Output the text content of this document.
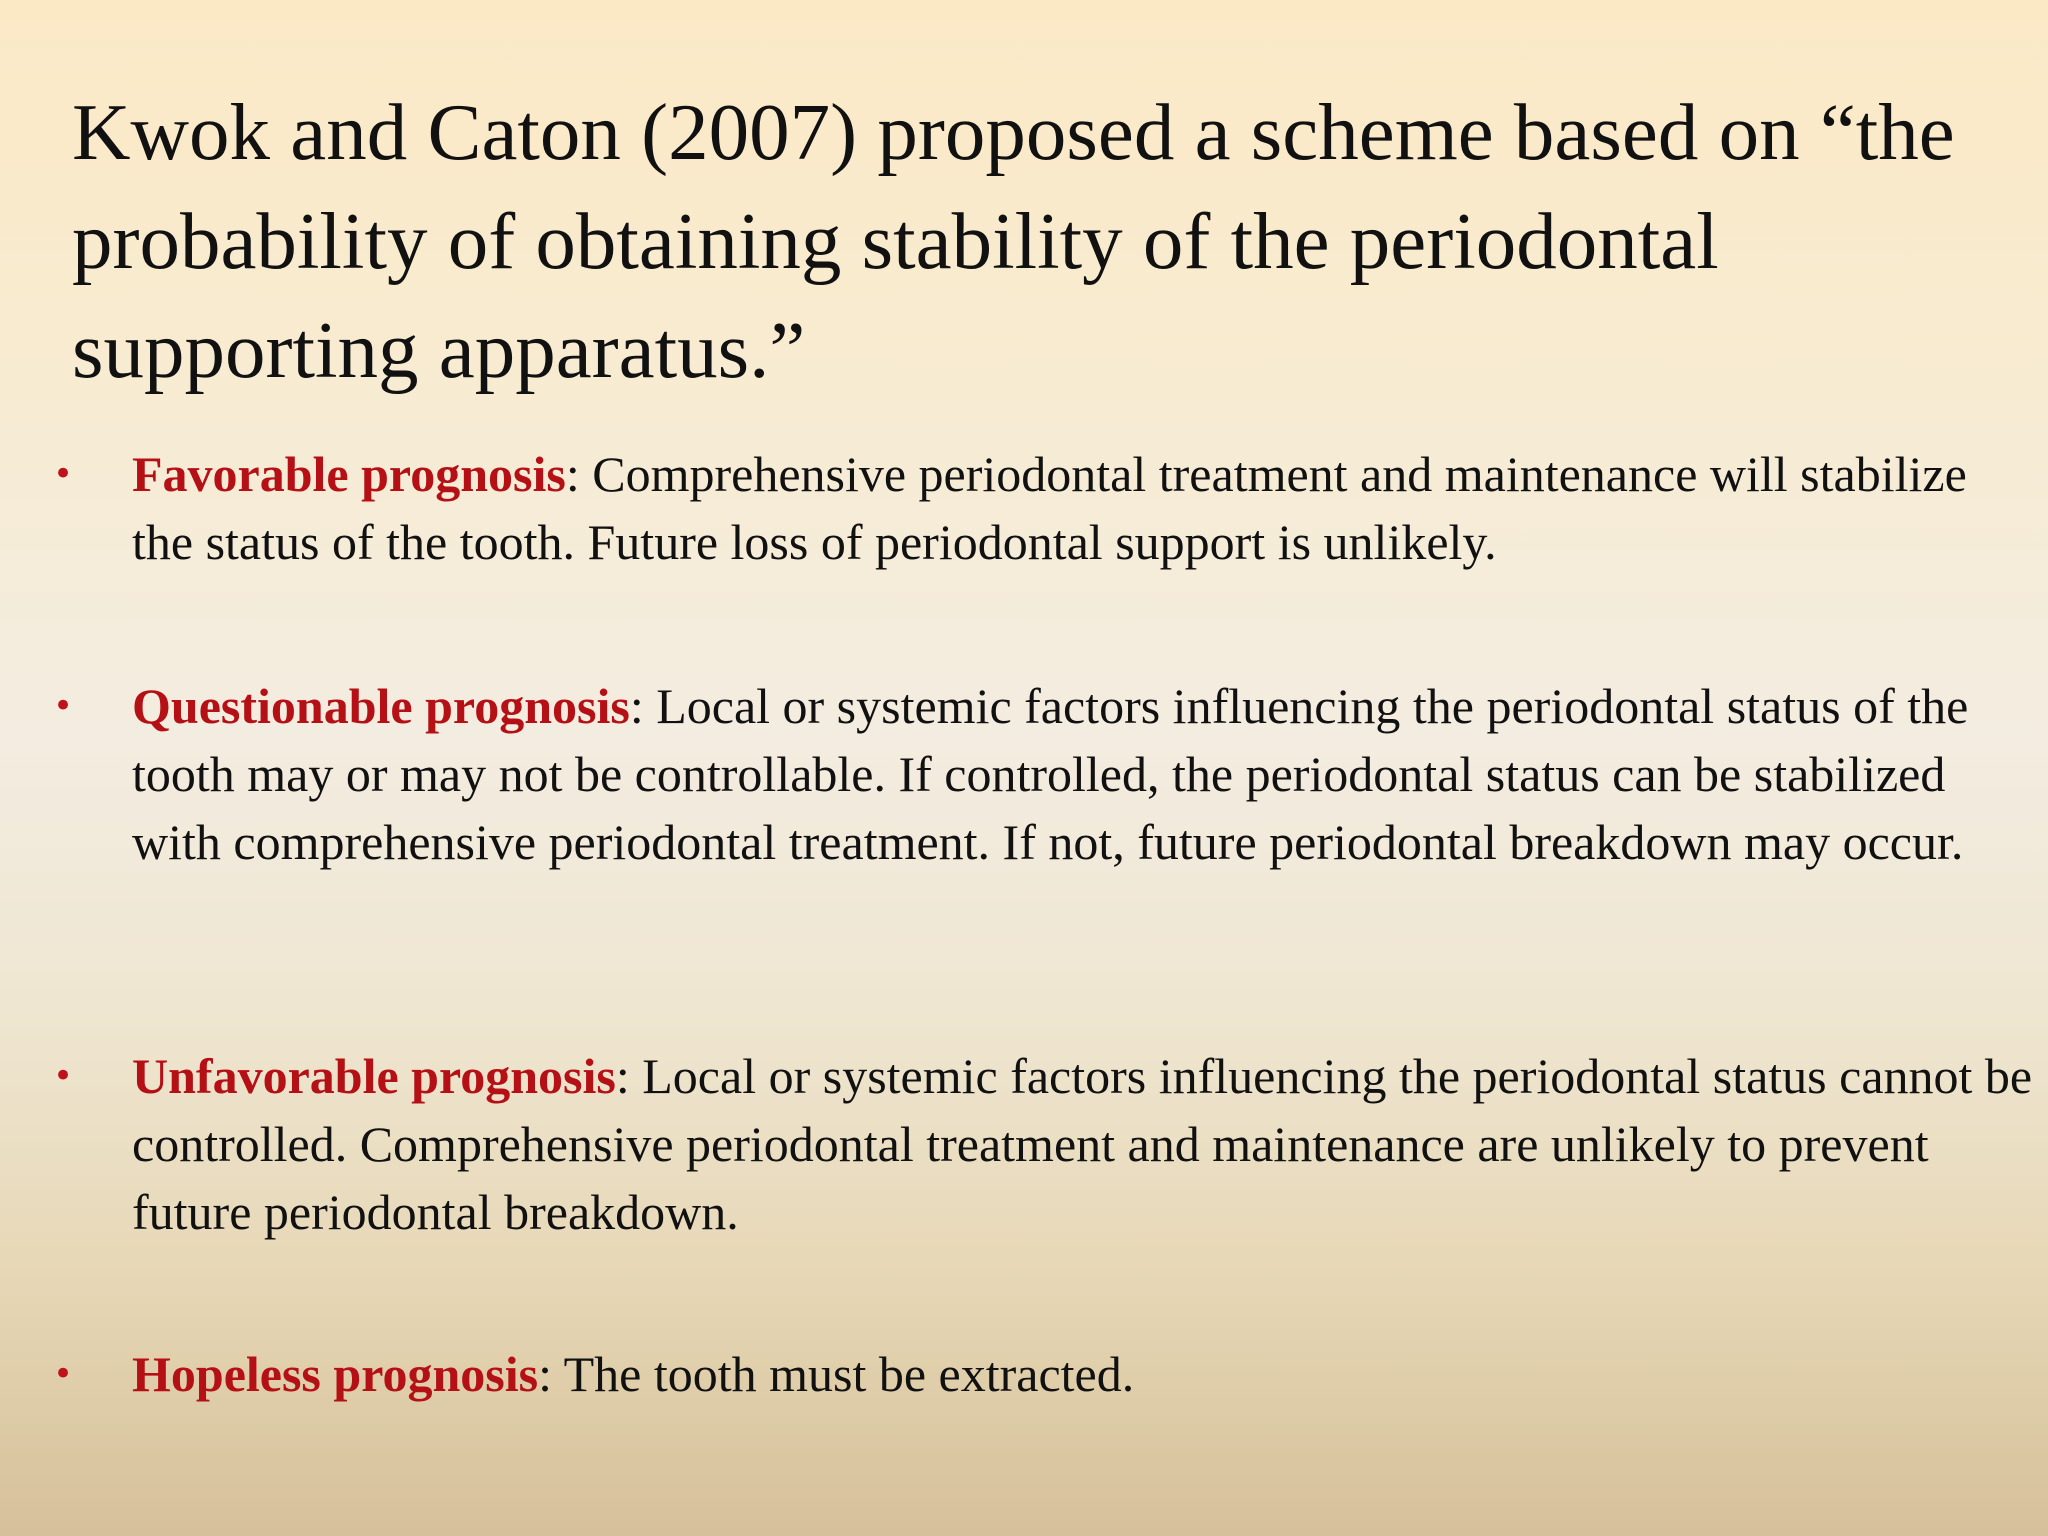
Kwok and Caton (2007) proposed a scheme based on “the probability of obtaining stability of the periodontal supporting apparatus.”
• Favorable prognosis: Comprehensive periodontal treatment and maintenance will stabilize the status of the tooth. Future loss of periodontal support is unlikely.
• Questionable prognosis: Local or systemic factors influencing the periodontal status of the tooth may or may not be controllable. If controlled, the periodontal status can be stabilized with comprehensive periodontal treatment. If not, future periodontal breakdown may occur.
• Unfavorable prognosis: Local or systemic factors influencing the periodontal status cannot be controlled. Comprehensive periodontal treatment and maintenance are unlikely to prevent future periodontal breakdown.
• Hopeless prognosis: The tooth must be extracted.
